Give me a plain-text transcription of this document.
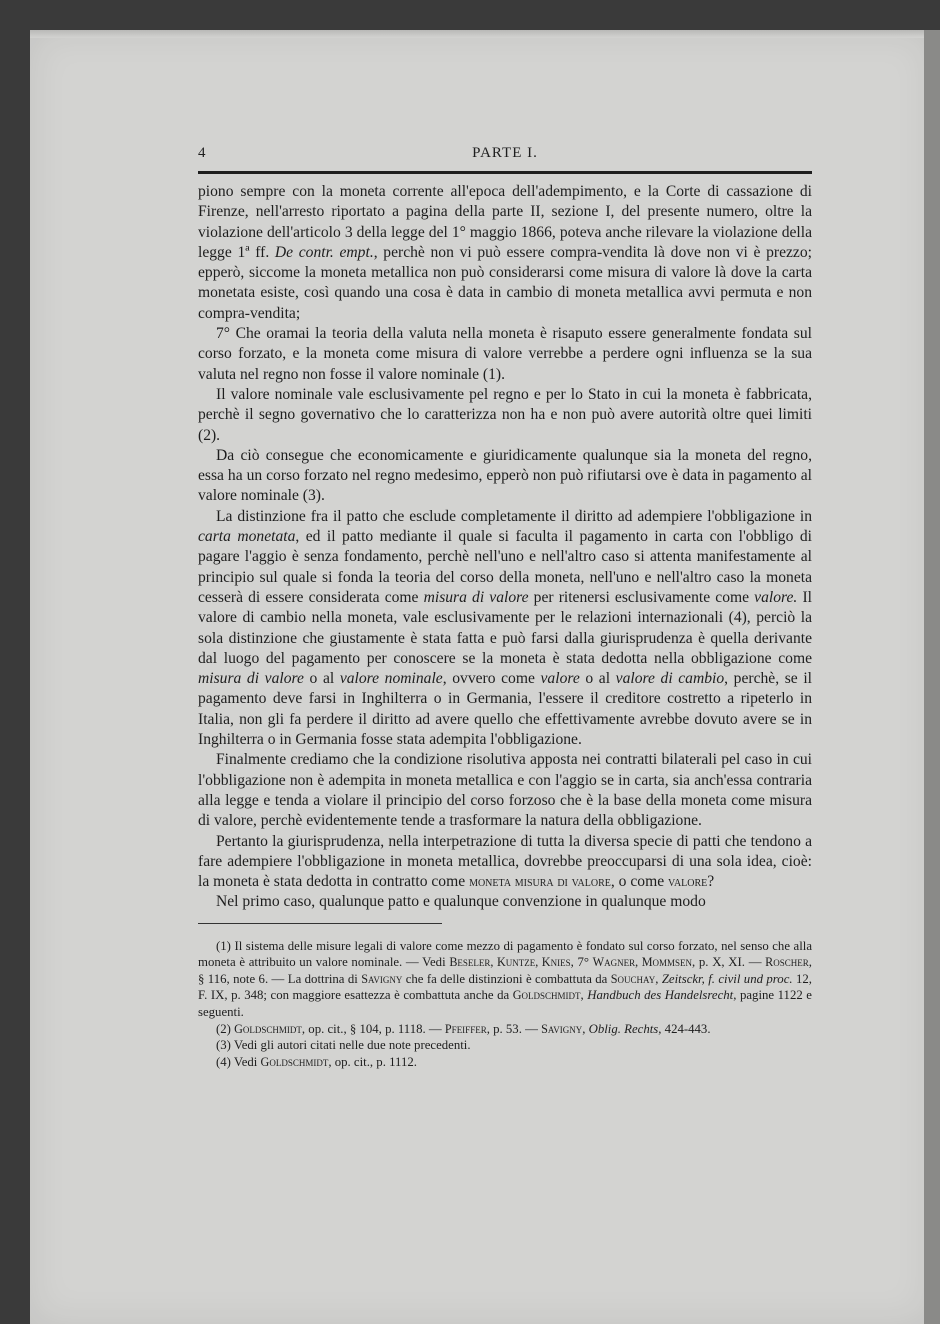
4	PARTE I.

piono sempre con la moneta corrente all'epoca dell'adempimento, e la Corte di cassazione di Firenze, nell'arresto riportato a pagina della parte II, sezione I, del presente numero, oltre la violazione dell'articolo 3 della legge del 1° maggio 1866, poteva anche rilevare la violazione della legge 1ª ff. De contr. empt., perchè non vi può essere compra-vendita là dove non vi è prezzo; epperò, siccome la moneta metallica non può considerarsi come misura di valore là dove la carta monetata esiste, così quando una cosa è data in cambio di moneta metallica avvi permuta e non compra-vendita;

7° Che oramai la teoria della valuta nella moneta è risaputo essere generalmente fondata sul corso forzato, e la moneta come misura di valore verrebbe a perdere ogni influenza se la sua valuta nel regno non fosse il valore nominale (1).

Il valore nominale vale esclusivamente pel regno e per lo Stato in cui la moneta è fabbricata, perchè il segno governativo che lo caratterizza non ha e non può avere autorità oltre quei limiti (2).

Da ciò consegue che economicamente e giuridicamente qualunque sia la moneta del regno, essa ha un corso forzato nel regno medesimo, epperò non può rifiutarsi ove è data in pagamento al valore nominale (3).

La distinzione fra il patto che esclude completamente il diritto ad adempiere l'obbligazione in carta monetata, ed il patto mediante il quale si faculta il pagamento in carta con l'obbligo di pagare l'aggio è senza fondamento, perchè nell'uno e nell'altro caso si attenta manifestamente al principio sul quale si fonda la teoria del corso della moneta, nell'uno e nell'altro caso la moneta cesserà di essere considerata come misura di valore per ritenersi esclusivamente come valore. Il valore di cambio nella moneta, vale esclusivamente per le relazioni internazionali (4), perciò la sola distinzione che giustamente è stata fatta e può farsi dalla giurisprudenza è quella derivante dal luogo del pagamento per conoscere se la moneta è stata dedotta nella obbligazione come misura di valore o al valore nominale, ovvero come valore o al valore di cambio, perchè, se il pagamento deve farsi in Inghilterra o in Germania, l'essere il creditore costretto a ripeterlo in Italia, non gli fa perdere il diritto ad avere quello che effettivamente avrebbe dovuto avere se in Inghilterra o in Germania fosse stata adempita l'obbligazione.

Finalmente crediamo che la condizione risolutiva apposta nei contratti bilaterali pel caso in cui l'obbligazione non è adempita in moneta metallica e con l'aggio se in carta, sia anch'essa contraria alla legge e tenda a violare il principio del corso forzoso che è la base della moneta come misura di valore, perchè evidentemente tende a trasformare la natura della obbligazione.

Pertanto la giurisprudenza, nella interpetrazione di tutta la diversa specie di patti che tendono a fare adempiere l'obbligazione in moneta metallica, dovrebbe preoccuparsi di una sola idea, cioè: la moneta è stata dedotta in contratto come moneta misura di valore, o come valore?

Nel primo caso, qualunque patto e qualunque convenzione in qualunque modo

(1) Il sistema delle misure legali di valore come mezzo di pagamento è fondato sul corso forzato, nel senso che alla moneta è attribuito un valore nominale. — Vedi Beseler, Kuntze, Knies, 7° Wagner, Mommsen, p. X, XI. — Roscher, § 116, note 6. — La dottrina di Savigny che fa delle distinzioni è combattuta da Souchay, Zeitsckr, f. civil und proc. 12, F. IX, p. 348; con maggiore esattezza è combattuta anche da Goldschmidt, Handbuch des Handelsrecht, pagine 1122 e seguenti.

(2) Goldschmidt, op. cit., § 104, p. 1118. — Pfeiffer, p. 53. — Savigny, Oblig. Rechts, 424-443.

(3) Vedi gli autori citati nelle due note precedenti.

(4) Vedi Goldschmidt, op. cit., p. 1112.
